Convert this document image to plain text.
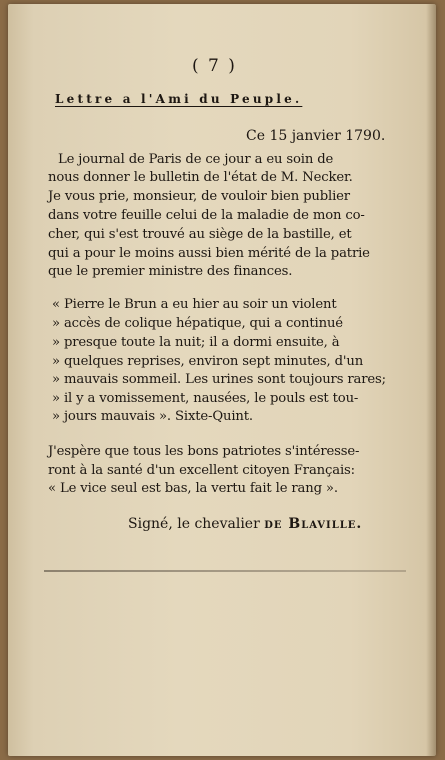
( 7 )
Lettre a l'Ami du Peuple.
Ce 15 janvier 1790.
Le journal de Paris de ce jour a eu soin de
nous donner le bulletin de l'état de M. Necker.
Je vous prie, monsieur, de vouloir bien publier
dans votre feuille celui de la maladie de mon co-
cher, qui s'est trouvé au siège de la bastille, et
qui a pour le moins aussi bien mérité de la patrie
que le premier ministre des finances.
« Pierre le Brun a eu hier au soir un violent
» accès de colique hépatique, qui a continué
» presque toute la nuit; il a dormi ensuite, à
» quelques reprises, environ sept minutes, d'un
» mauvais sommeil. Les urines sont toujours rares;
» il y a vomissement, nausées, le pouls est tou-
» jours mauvais ». Sixte-Quint.
J'espère que tous les bons patriotes s'intéresse-
ront à la santé d'un excellent citoyen Français:
« Le vice seul est bas, la vertu fait le rang ».
Signé, le chevalier de Blaville.
